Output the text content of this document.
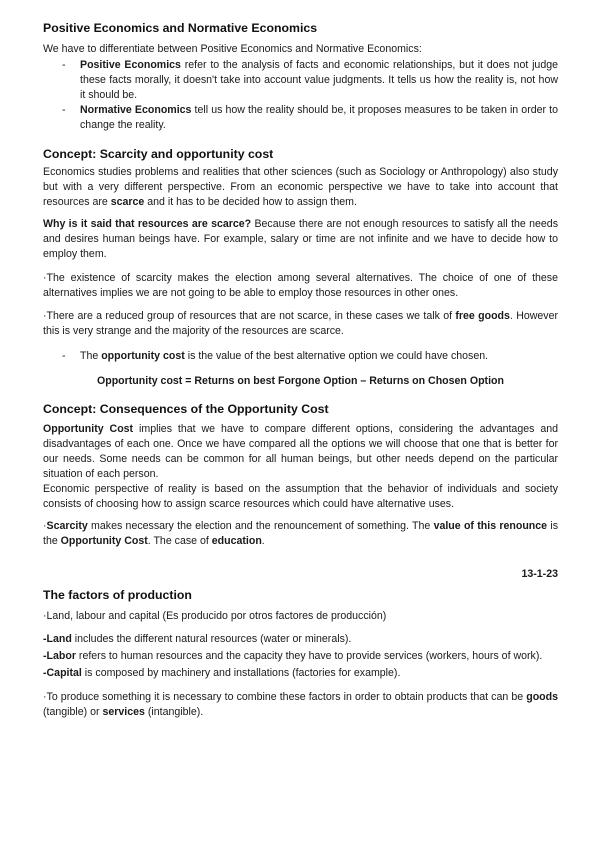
Positive Economics and Normative Economics

We have to differentiate between Positive Economics and Normative Economics:

- Positive Economics refer to the analysis of facts and economic relationships, but it does not judge these facts morally, it doesn't take into account value judgments. It tells us how the reality is, not how it should be.
- Normative Economics tell us how the reality should be, it proposes measures to be taken in order to change the reality.
Concept: Scarcity and opportunity cost

Economics studies problems and realities that other sciences (such as Sociology or Anthropology) also study but with a very different perspective. From an economic perspective we have to take into account that resources are scarce and it has to be decided how to assign them.

Why is it said that resources are scarce? Because there are not enough resources to satisfy all the needs and desires human beings have. For example, salary or time are not infinite and we have to decide how to employ them.

·The existence of scarcity makes the election among several alternatives. The choice of one of these alternatives implies we are not going to be able to employ those resources in other ones.

·There are a reduced group of resources that are not scarce, in these cases we talk of free goods. However this is very strange and the majority of the resources are scarce.

- The opportunity cost is the value of the best alternative option we could have chosen.

Opportunity cost = Returns on best Forgone Option – Returns on Chosen Option

Concept: Consequences of the Opportunity Cost

Opportunity Cost implies that we have to compare different options, considering the advantages and disadvantages of each one. Once we have compared all the options we will choose that one that is better for our needs. Some needs can be common for all human beings, but other needs depend on the particular situation of each person.

Economic perspective of reality is based on the assumption that the behavior of individuals and society consists of choosing how to assign scarce resources which could have alternative uses.

·Scarcity makes necessary the election and the renouncement of something. The value of this renounce is the Opportunity Cost. The case of education.

13-1-23

The factors of production

·Land, labour and capital (Es producido por otros factores de producción)

-Land includes the different natural resources (water or minerals).

-Labor refers to human resources and the capacity they have to provide services (workers, hours of work).

-Capital is composed by machinery and installations (factories for example).

·To produce something it is necessary to combine these factors in order to obtain products that can be goods (tangible) or services (intangible).
